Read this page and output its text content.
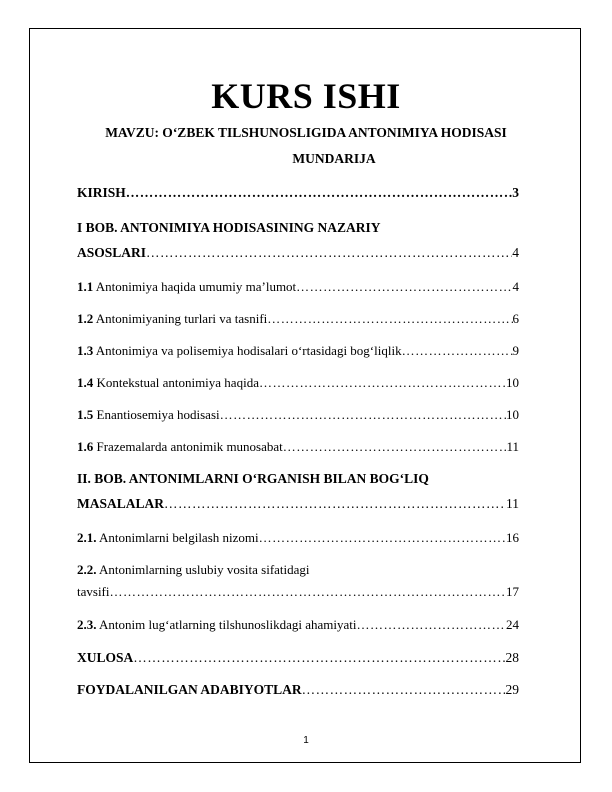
KURS ISHI
MAVZU: O‘ZBEK TILSHUNOSLIGIDA ANTONIMIYA HODISASI
MUNDARIJA
KIRISH …………………………………………………………………………………………………………………………………………………………………………………	3
I BOB. ANTONIMIYA HODISASINING NAZARIY
ASOSLARI …………………………………………………………………………………………………………………………………………………………………………………	4
1.1 Antonimiya haqida umumiy ma’lumot …………………………………………………………………………………………………………………………………………………………………………………	4
1.2 Antonimiyaning turlari va tasnifi …………………………………………………………………………………………………………………………………………………………………………………	6
1.3 Antonimiya va polisemiya hodisalari o‘rtasidagi bog‘liqlik …………………………………………………………………………………………………………………………………………………………………………………	9
1.4 Kontekstual antonimiya haqida …………………………………………………………………………………………………………………………………………………………………………………	10
1.5 Enantiosemiya hodisasi …………………………………………………………………………………………………………………………………………………………………………………	10
1.6 Frazemalarda antonimik munosabat …………………………………………………………………………………………………………………………………………………………………………………	11
II. BOB. ANTONIMLARNI O‘RGANISH BILAN BOG‘LIQ
MASALALAR …………………………………………………………………………………………………………………………………………………………………………………	11
2.1. Antonimlarni belgilash nizomi …………………………………………………………………………………………………………………………………………………………………………………	16
2.2. Antonimlarning uslubiy vosita sifatidagi
tavsifi …………………………………………………………………………………………………………………………………………………………………………………	17
2.3. Antonim lug‘atlarning tilshunoslikdagi ahamiyati …………………………………………………………………………………………………………………………………………………………………………………	24
XULOSA …………………………………………………………………………………………………………………………………………………………………………………	28
FOYDALANILGAN ADABIYOTLAR …………………………………………………………………………………………………………………………………………………………………………………	29
1
